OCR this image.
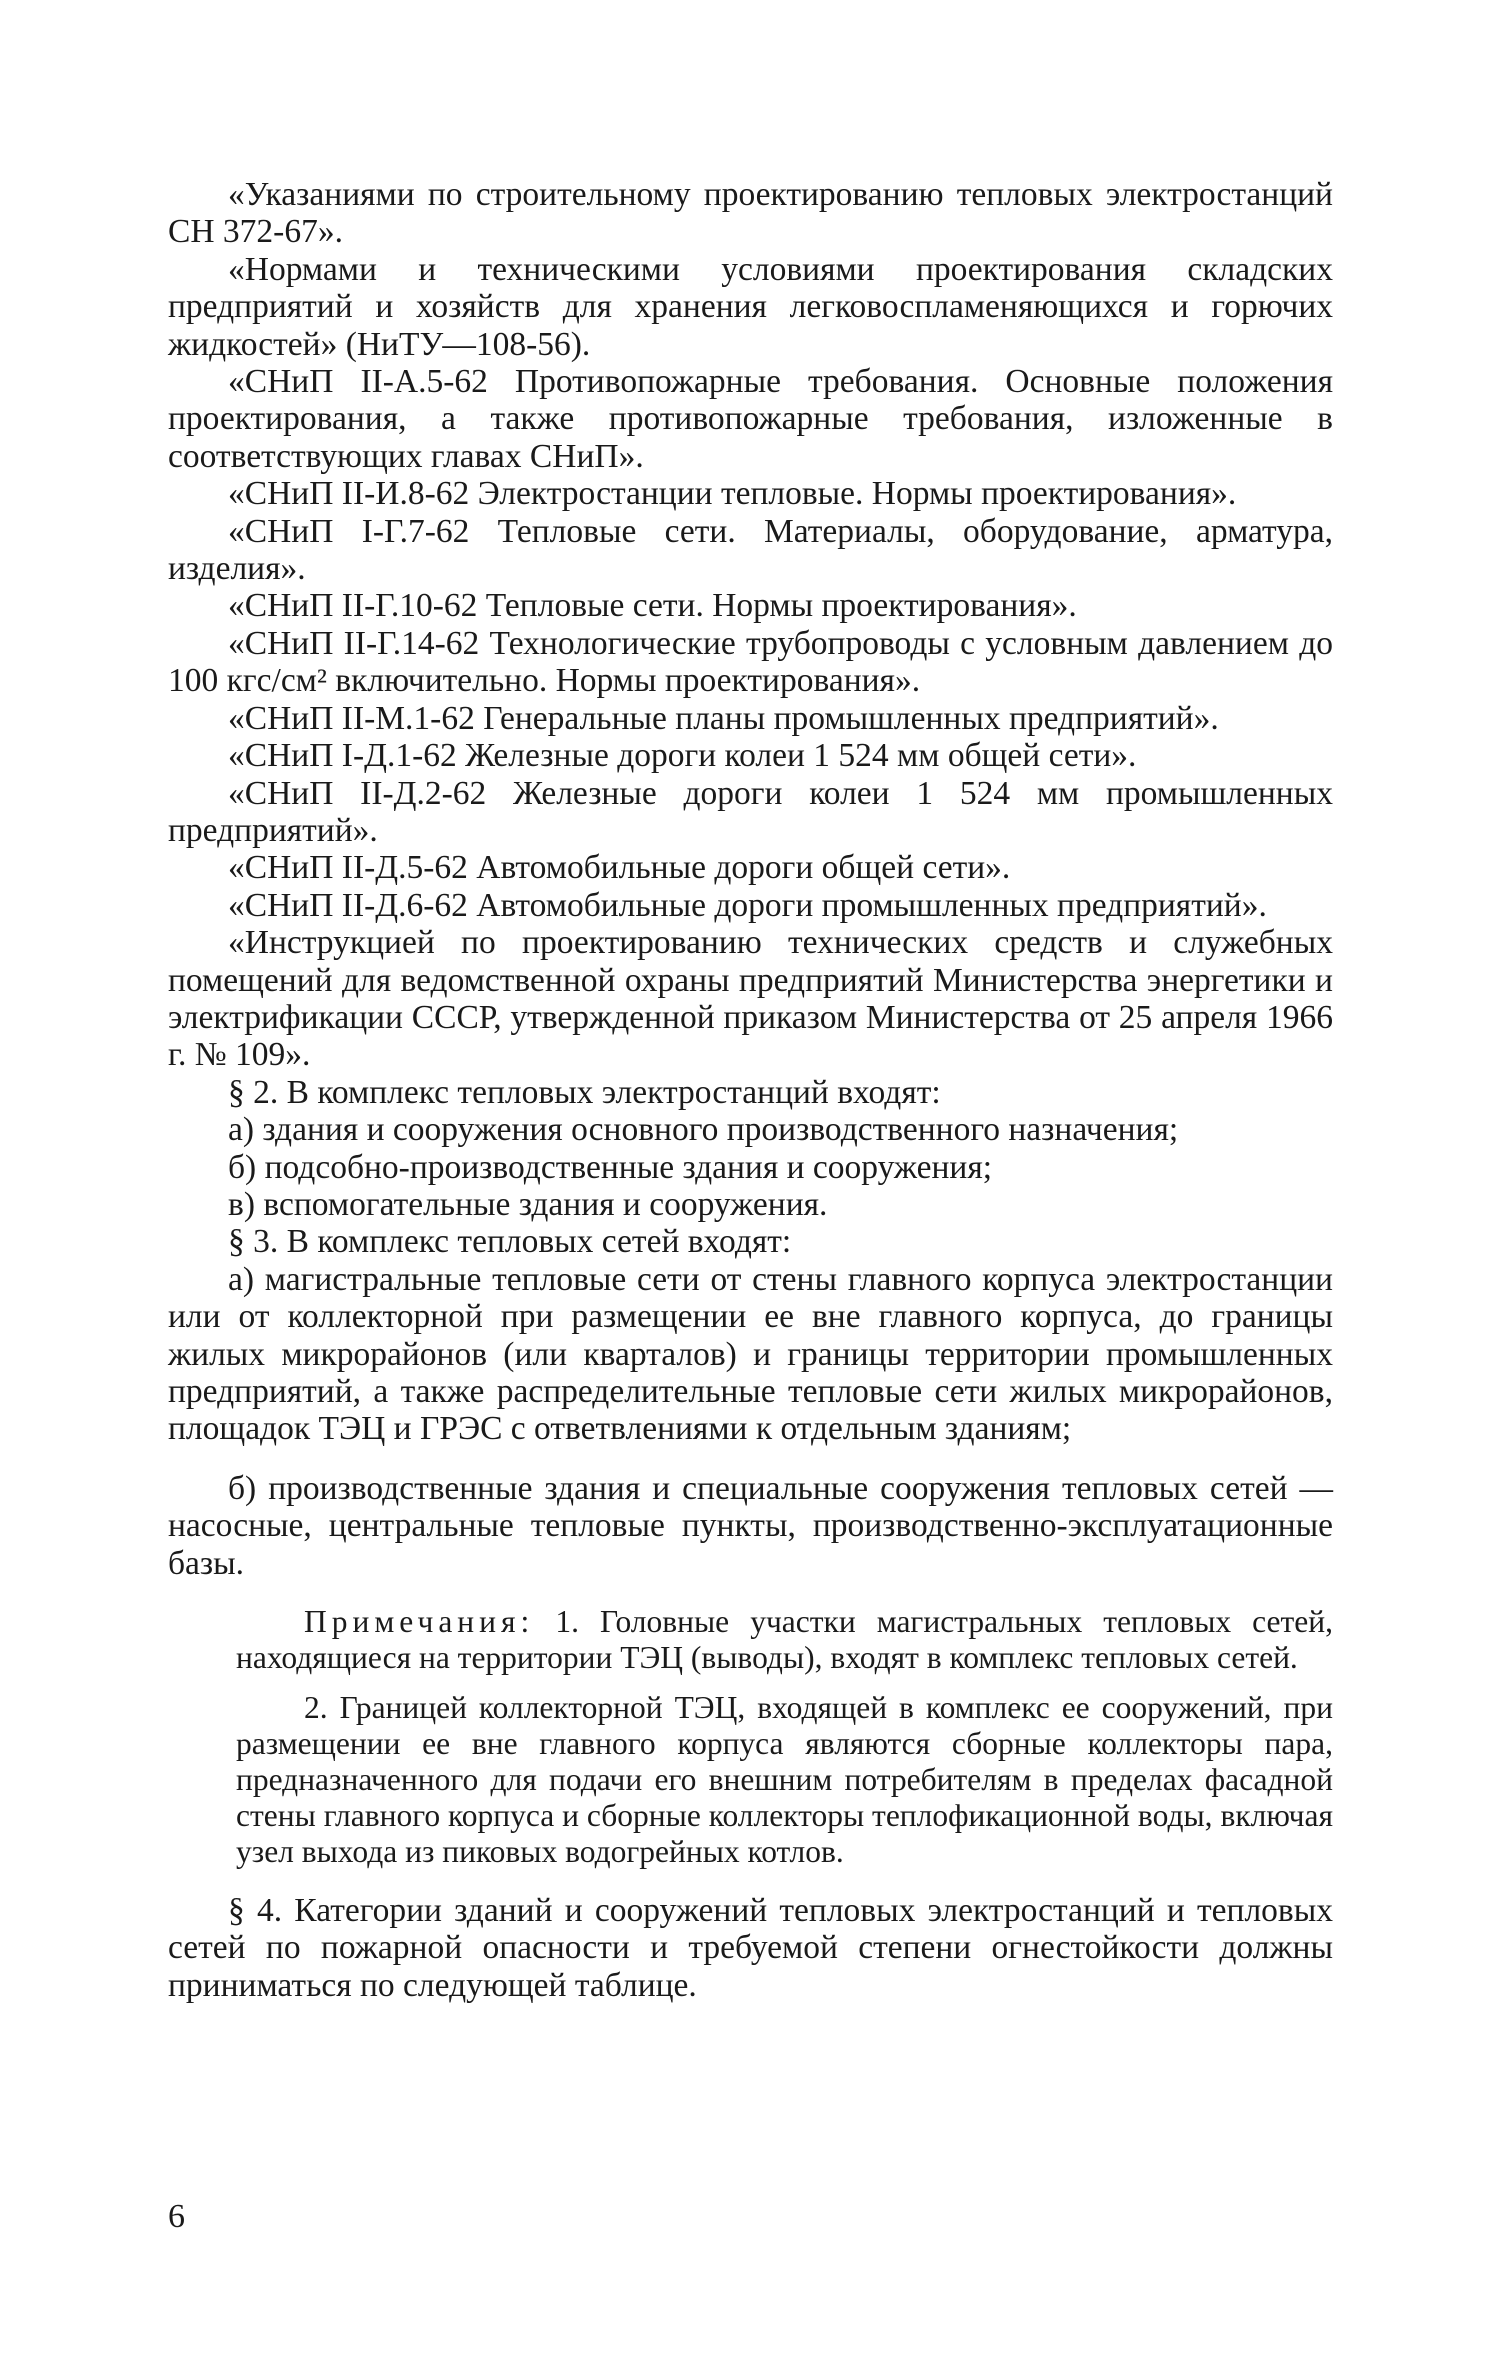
«Указаниями по строительному проектированию тепловых электростанций СН 372-67».

«Нормами и техническими условиями проектирования складских предприятий и хозяйств для хранения легковоспламеняющихся и горючих жидкостей» (НиТУ—108-56).

«СНиП II-А.5-62 Противопожарные требования. Основные положения проектирования, а также противопожарные требования, изложенные в соответствующих главах СНиП».

«СНиП II-И.8-62 Электростанции тепловые. Нормы проектирования».

«СНиП I-Г.7-62 Тепловые сети. Материалы, оборудование, арматура, изделия».

«СНиП II-Г.10-62 Тепловые сети. Нормы проектирования».

«СНиП II-Г.14-62 Технологические трубопроводы с условным давлением до 100 кгс/см² включительно. Нормы проектирования».

«СНиП II-М.1-62 Генеральные планы промышленных предприятий».

«СНиП I-Д.1-62 Железные дороги колеи 1 524 мм общей сети».

«СНиП II-Д.2-62 Железные дороги колеи 1 524 мм промышленных предприятий».

«СНиП II-Д.5-62 Автомобильные дороги общей сети».

«СНиП II-Д.6-62 Автомобильные дороги промышленных предприятий».

«Инструкцией по проектированию технических средств и служебных помещений для ведомственной охраны предприятий Министерства энергетики и электрификации СССР, утвержденной приказом Министерства от 25 апреля 1966 г. № 109».

§ 2. В комплекс тепловых электростанций входят:

а) здания и сооружения основного производственного назначения;

б) подсобно-производственные здания и сооружения;

в) вспомогательные здания и сооружения.

§ 3. В комплекс тепловых сетей входят:

а) магистральные тепловые сети от стены главного корпуса электростанции или от коллекторной при размещении ее вне главного корпуса, до границы жилых микрорайонов (или кварталов) и границы территории промышленных предприятий, а также распределительные тепловые сети жилых микрорайонов, площадок ТЭЦ и ГРЭС с ответвлениями к отдельным зданиям;

б) производственные здания и специальные сооружения тепловых сетей — насосные, центральные тепловые пункты, производственно-эксплуатационные базы.

Примечания: 1. Головные участки магистральных тепловых сетей, находящиеся на территории ТЭЦ (выводы), входят в комплекс тепловых сетей.

2. Границей коллекторной ТЭЦ, входящей в комплекс ее сооружений, при размещении ее вне главного корпуса являются сборные коллекторы пара, предназначенного для подачи его внешним потребителям в пределах фасадной стены главного корпуса и сборные коллекторы теплофикационной воды, включая узел выхода из пиковых водогрейных котлов.

§ 4. Категории зданий и сооружений тепловых электростанций и тепловых сетей по пожарной опасности и требуемой степени огнестойкости должны приниматься по следующей таблице.

6
